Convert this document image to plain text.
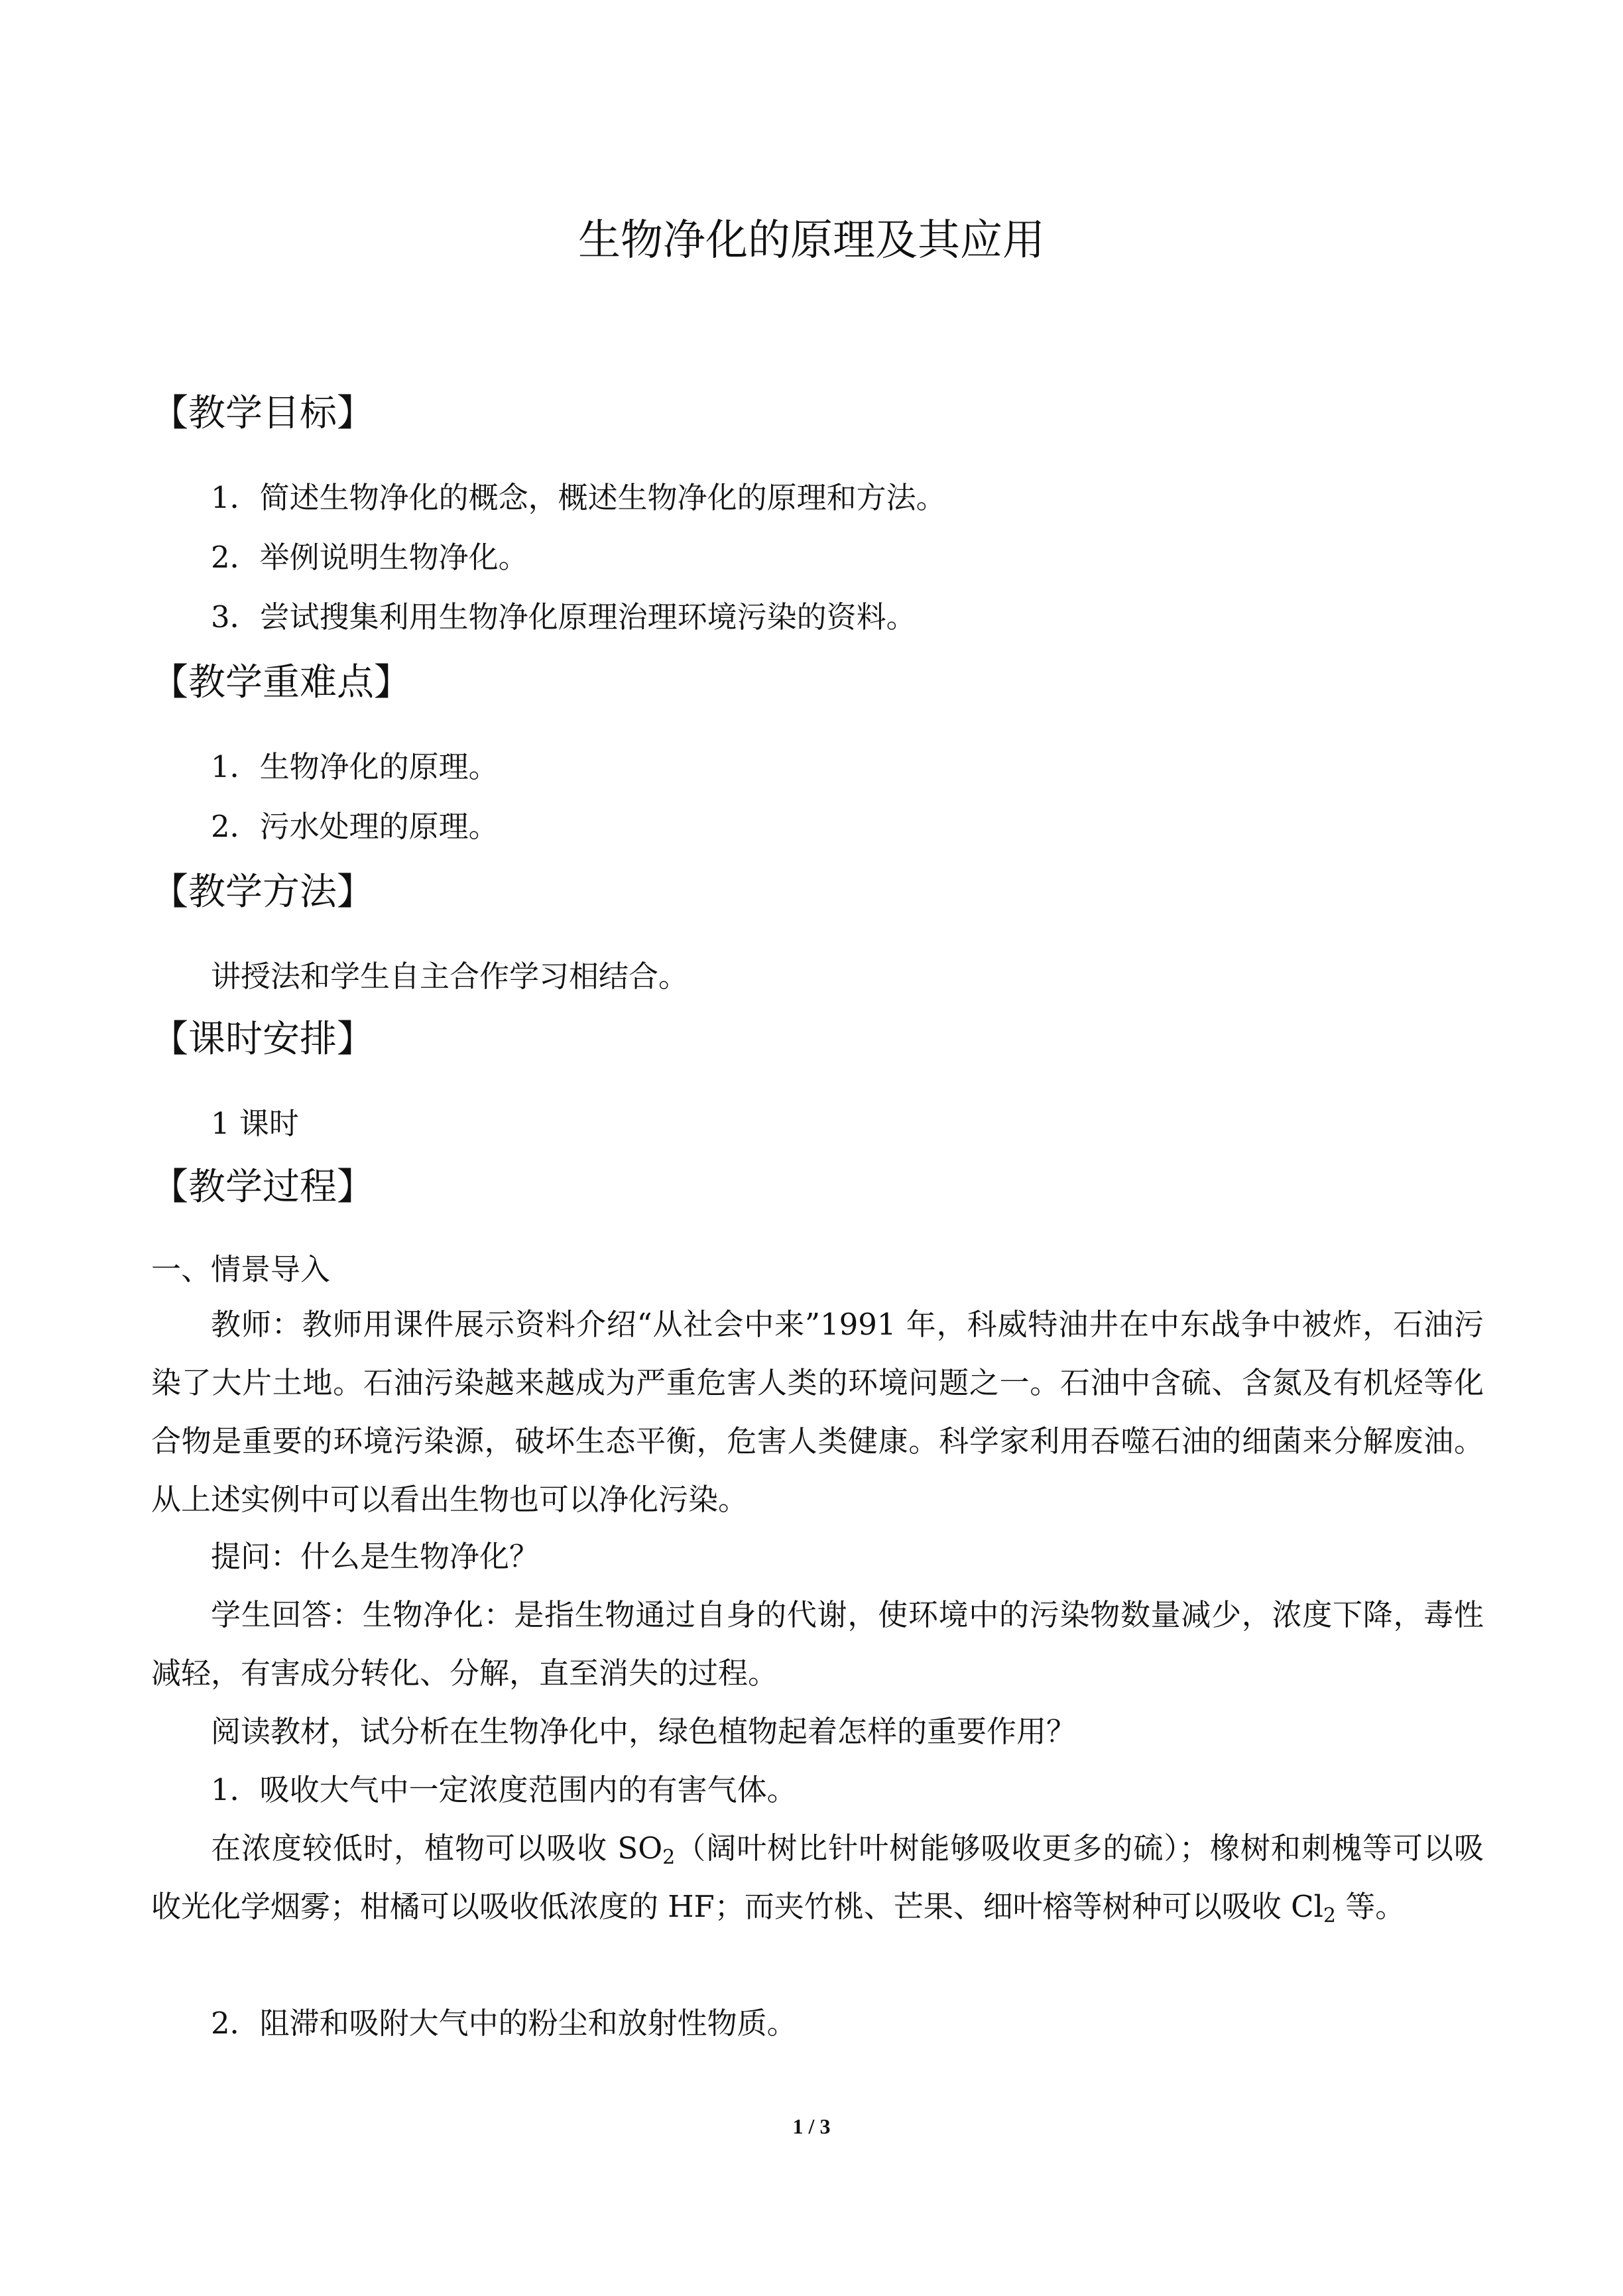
生物净化的原理及其应用
【教学目标】

1．简述生物净化的概念，概述生物净化的原理和方法。

2．举例说明生物净化。

3．尝试搜集利用生物净化原理治理环境污染的资料。

【教学重难点】

1．生物净化的原理。

2．污水处理的原理。

【教学方法】

讲授法和学生自主合作学习相结合。

【课时安排】

1 课时

【教学过程】

一、情景导入

教师：教师用课件展示资料介绍“从社会中来”1991 年，科威特油井在中东战争中被炸，石油污染了大片土地。石油污染越来越成为严重危害人类的环境问题之一。石油中含硫、含氮及有机烃等化合物是重要的环境污染源，破坏生态平衡，危害人类健康。科学家利用吞噬石油的细菌来分解废油。从上述实例中可以看出生物也可以净化污染。

提问：什么是生物净化？

学生回答：生物净化：是指生物通过自身的代谢，使环境中的污染物数量减少，浓度下降，毒性减轻，有害成分转化、分解，直至消失的过程。

阅读教材，试分析在生物净化中，绿色植物起着怎样的重要作用？

1．吸收大气中一定浓度范围内的有害气体。

在浓度较低时，植物可以吸收 $SO_2$（阔叶树比针叶树能够吸收更多的硫）；橡树和刺槐等可以吸收光化学烟雾；柑橘可以吸收低浓度的 HF；而夹竹桃、芒果、细叶榕等树种可以吸收 $Cl_2$ 等。

2．阻滞和吸附大气中的粉尘和放射性物质。

1 / 3
